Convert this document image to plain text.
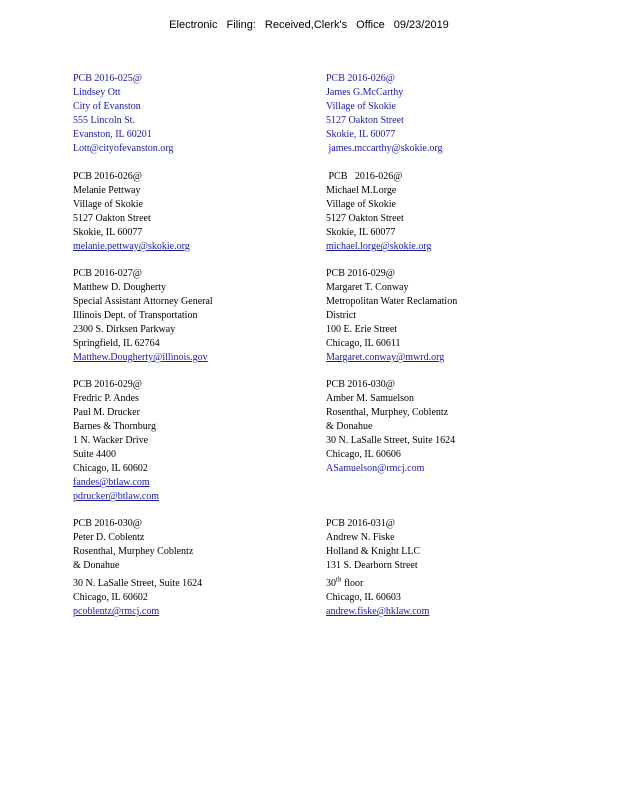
Electronic Filing: Received,Clerk's Office 09/23/2019
PCB 2016-025@
Lindsey Ott
City of Evanston
555 Lincoln St.
Evanston, IL 60201
Lott@cityofevanston.org
PCB 2016-026@
James G.McCarthy
Village of Skokie
5127 Oakton Street
Skokie, IL 60077
james.mccarthy@skokie.org
PCB 2016-026@
Melanie Pettway
Village of Skokie
5127 Oakton Street
Skokie, IL 60077
melanie.pettway@skokie.org
PCB   2016-026@
Michael M.Lorge
Village of Skokie
5127 Oakton Street
Skokie, IL 60077
michael.lorge@skokie.org
PCB 2016-027@
Matthew D. Dougherty
Special Assistant Attorney General
Illinois Dept. of Transportation
2300 S. Dirksen Parkway
Springfield, IL 62764
Matthew.Dougherty@illinois.gov
PCB 2016-029@
Margaret T. Conway
Metropolitan Water Reclamation
District
100 E. Erie Street
Chicago, IL 60611
Margaret.conway@mwrd.org
PCB 2016-029@
Fredric P. Andes
Paul M. Drucker
Barnes & Thornburg
1 N. Wacker Drive
Suite 4400
Chicago, IL 60602
fandes@btlaw.com
pdrucker@btlaw.com
PCB 2016-030@
Amber M. Samuelson
Rosenthal, Murphey, Coblentz
& Donahue
30 N. LaSalle Street, Suite 1624
Chicago, IL 60606
ASamuelson@rmcj.com
PCB 2016-030@
Peter D. Coblentz
Rosenthal, Murphey Coblentz
& Donahue
30 N. LaSalle Street, Suite 1624
Chicago, IL 60602
pcoblentz@rmcj.com
PCB 2016-031@
Andrew N. Fiske
Holland & Knight LLC
131 S. Dearborn Street
30th floor
Chicago, IL 60603
andrew.fiske@hklaw.com
